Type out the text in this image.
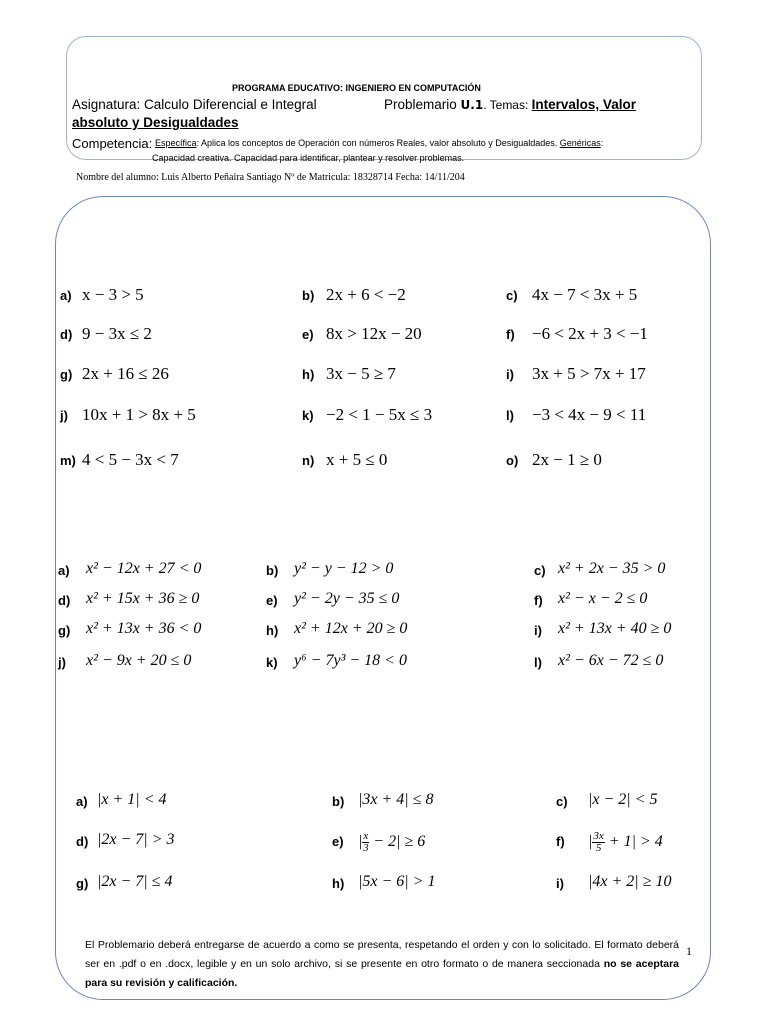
PROGRAMA EDUCATIVO: INGENIERO EN COMPUTACIÓN
Asignatura: Calculo Diferencial e Integral	Problemario U.1. Temas: Intervalos, Valor
absoluto y Desigualdades
Competencia: Específica: Aplica los conceptos de Operación con números Reales, valor absoluto y Desigualdades. Genéricas:
Capacidad creativa. Capacidad para identificar, plantear y resolver problemas.
Nombre del alumno: Luis Alberto Peñaira Santiago Nº de Matricula: 18328714 Fecha: 14/11/204
a) x − 3 > 5	b) 2x + 6 < −2	c) 4x − 7 < 3x + 5
d) 9 − 3x ≤ 2	e) 8x > 12x − 20	f) −6 < 2x + 3 < −1
g) 2x + 16 ≤ 26	h) 3x − 5 ≥ 7	i) 3x + 5 > 7x + 17
j) 10x + 1 > 8x + 5	k) −2 < 1 − 5x ≤ 3	l) −3 < 4x − 9 < 11
m) 4 < 5 − 3x < 7	n) x + 5 ≤ 0	o) 2x − 1 ≥ 0
a) x² − 12x + 27 < 0	b) y² − y − 12 > 0	c) x² + 2x − 35 > 0
d) x² + 15x + 36 ≥ 0	e) y² − 2y − 35 ≤ 0	f) x² − x − 2 ≤ 0
g) x² + 13x + 36 < 0	h) x² + 12x + 20 ≥ 0	i) x² + 13x + 40 ≥ 0
j) x² − 9x + 20 ≤ 0	k) y⁶ − 7y³ − 18 < 0	l) x² − 6x − 72 ≤ 0
a) |x + 1| < 4	b) |3x + 4| ≤ 8	c) |x − 2| < 5
d) |2x − 7| > 3	e) | $\frac{x}{3} - 2| \ge 6$	f) | $\frac{3x}{5} + 1| > 4$
g) |2x − 7| ≤ 4	h) |5x − 6| > 1	i) |4x + 2| ≥ 10
El Problemario deberá entregarse de acuerdo a como se presenta, respetando el orden y con lo solicitado. El formato deberá ser en .pdf o en .docx, legible y en un solo archivo, si se presente en otro formato o de manera seccionada no se aceptara para su revisión y calificación.
1
